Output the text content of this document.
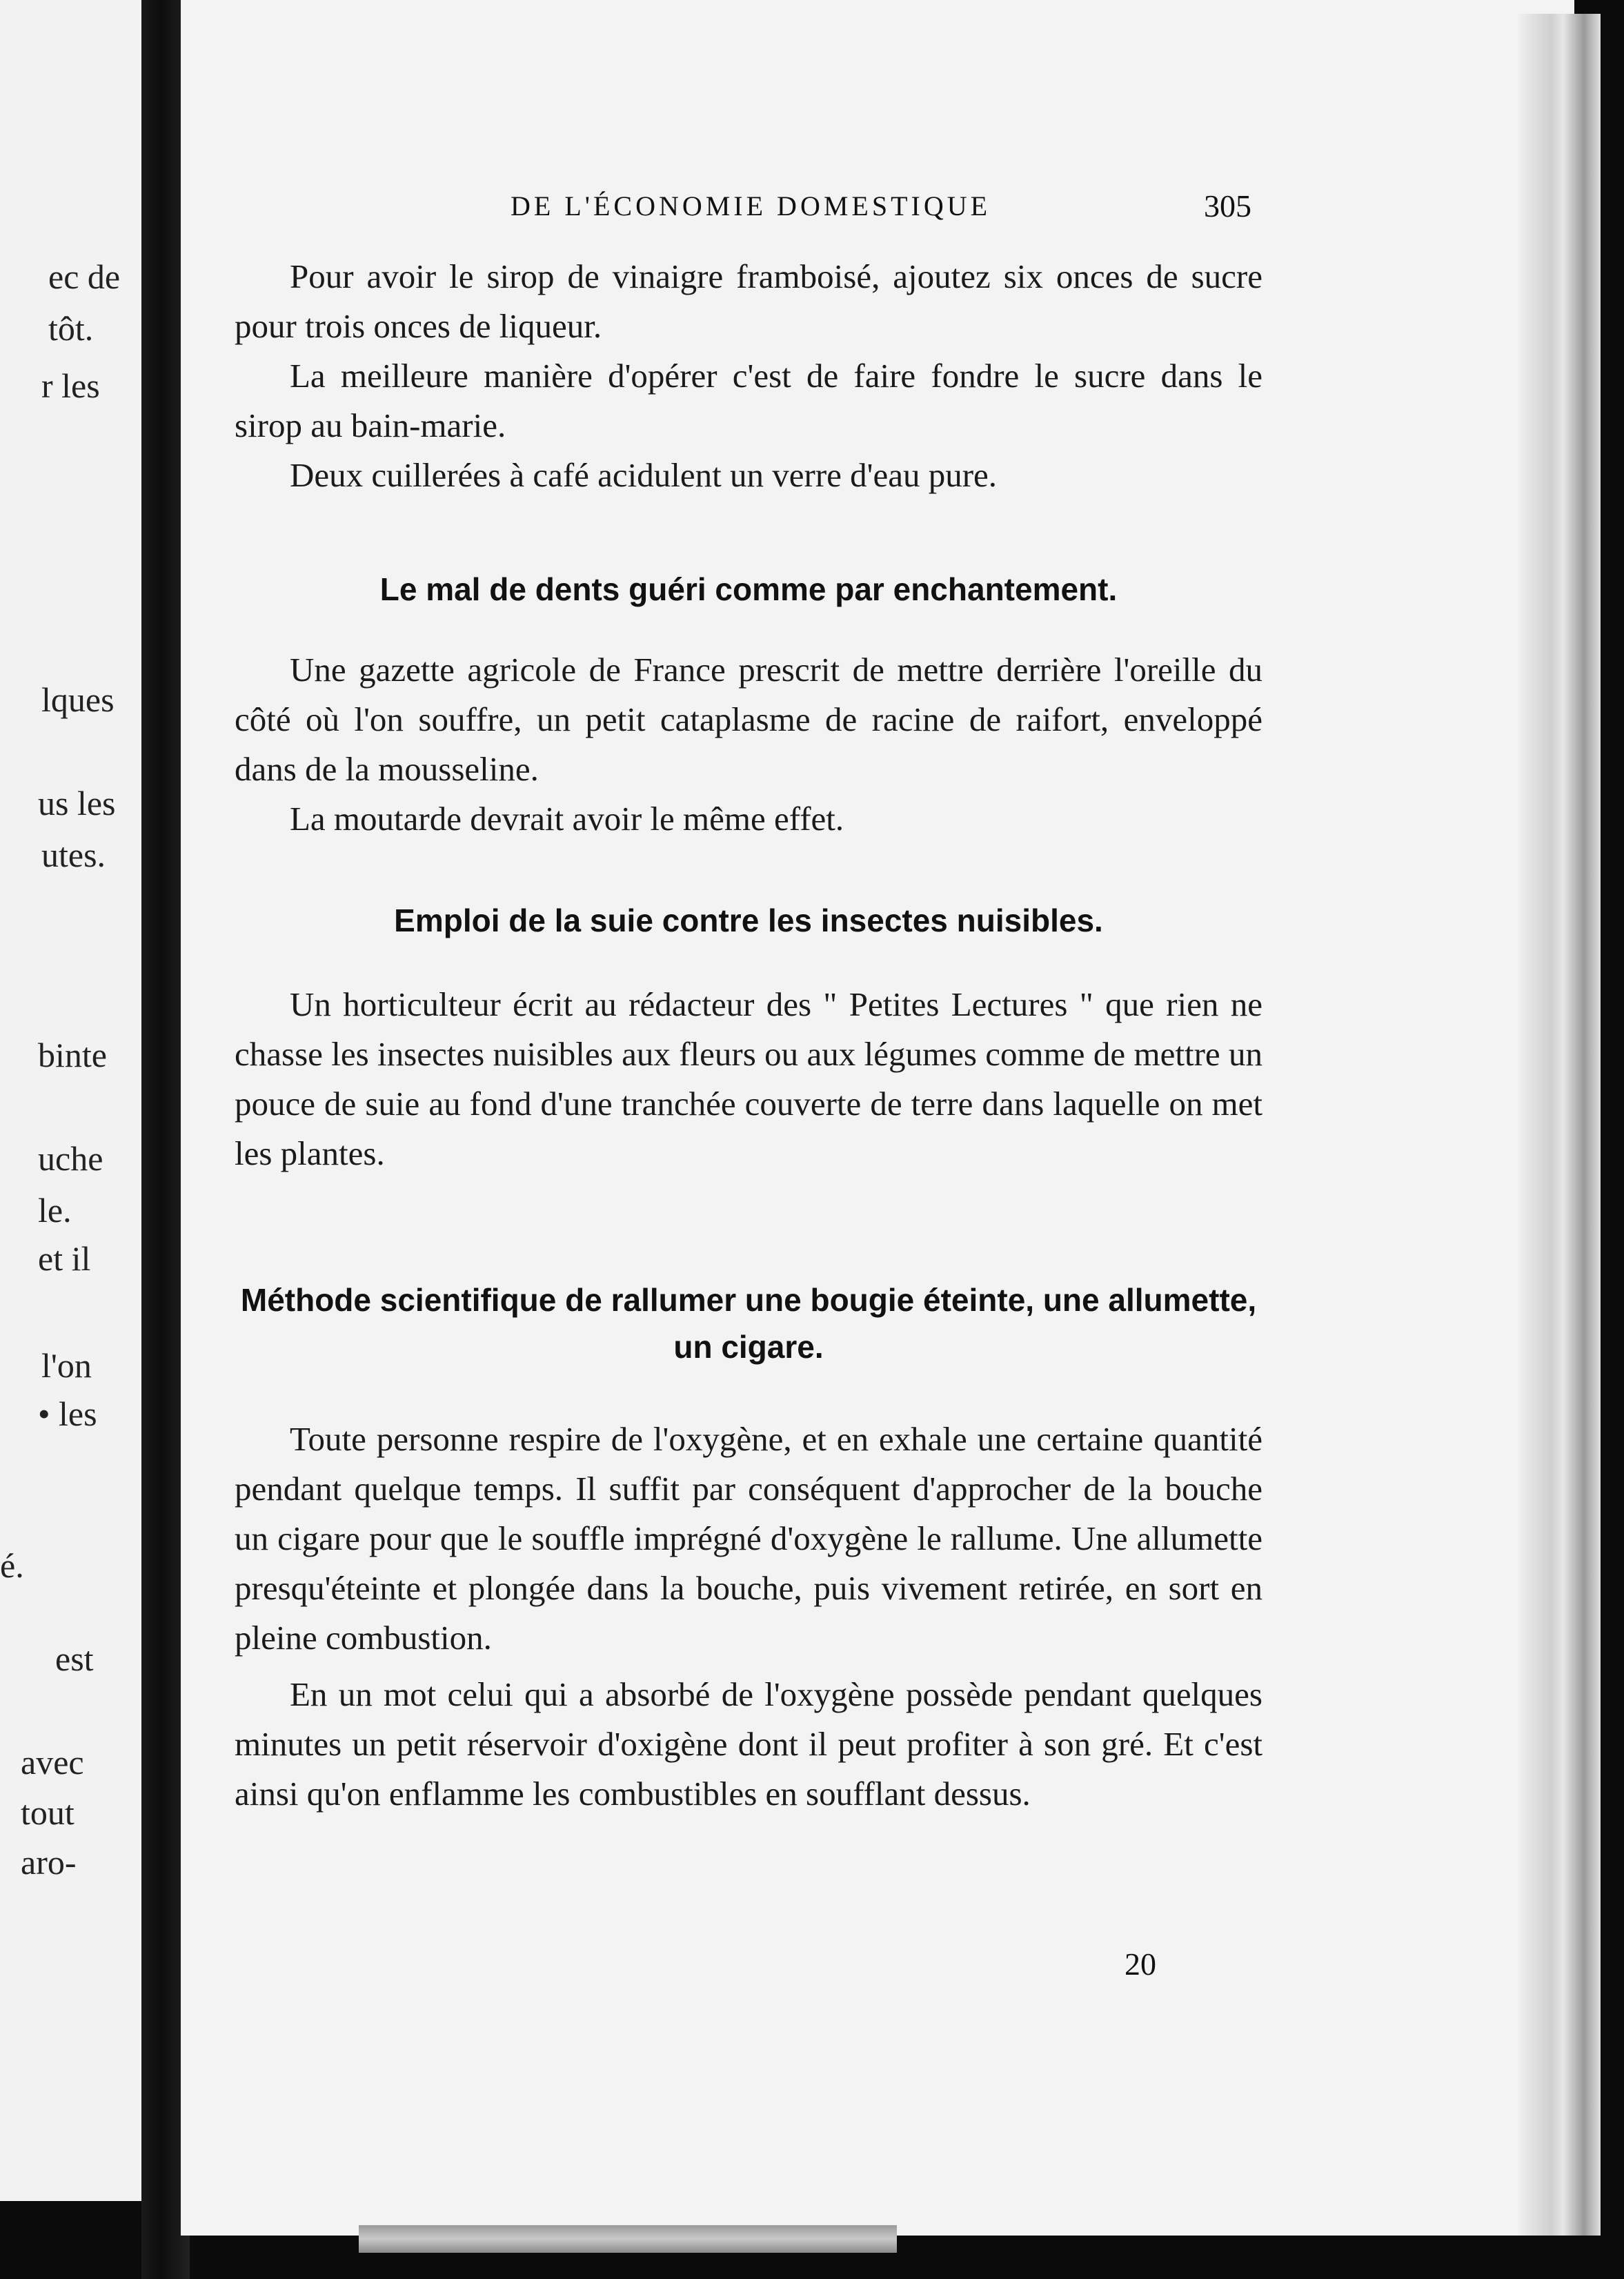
ec de
tôt.
r les
lques
us les
utes.
binte
uche
le.
et il
l'on
• les
é.
est
avec
tout
aro-
DE L'ÉCONOMIE DOMESTIQUE	305

Pour avoir le sirop de vinaigre framboisé, ajoutez six onces de sucre pour trois onces de liqueur.

La meilleure manière d'opérer c'est de faire fondre le sucre dans le sirop au bain-marie.

Deux cuillerées à café acidulent un verre d'eau pure.

Le mal de dents guéri comme par enchantement.

Une gazette agricole de France prescrit de mettre derrière l'oreille du côté où l'on souffre, un petit cataplasme de racine de raifort, enveloppé dans de la mousseline.

La moutarde devrait avoir le même effet.

Emploi de la suie contre les insectes nuisibles.

Un horticulteur écrit au rédacteur des " Petites Lectures " que rien ne chasse les insectes nuisibles aux fleurs ou aux légumes comme de mettre un pouce de suie au fond d'une tranchée couverte de terre dans laquelle on met les plantes.

Méthode scientifique de rallumer une bougie éteinte, une allumette, un cigare.

Toute personne respire de l'oxygène, et en exhale une certaine quantité pendant quelque temps. Il suffit par conséquent d'approcher de la bouche un cigare pour que le souffle imprégné d'oxygène le rallume. Une allumette presqu'éteinte et plongée dans la bouche, puis vivement retirée, en sort en pleine combustion.

En un mot celui qui a absorbé de l'oxygène possède pendant quelques minutes un petit réservoir d'oxigène dont il peut profiter à son gré. Et c'est ainsi qu'on enflamme les combustibles en soufflant dessus.

20
